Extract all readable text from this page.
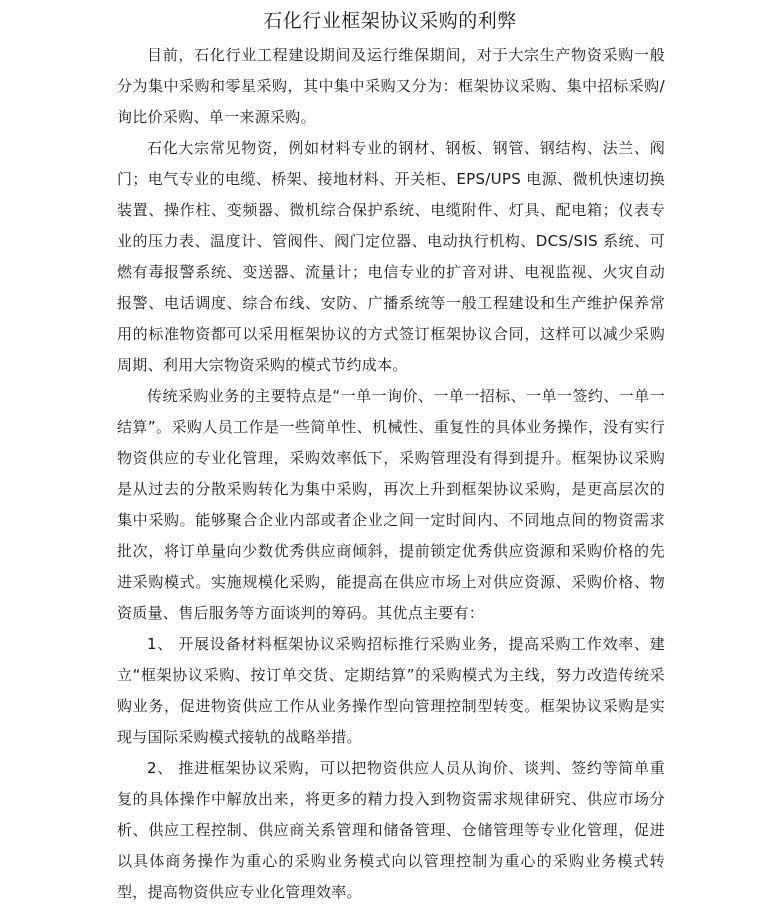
石化行业框架协议采购的利弊

目前，石化行业工程建设期间及运行维保期间，对于大宗生产物资采购一般分为集中采购和零星采购，其中集中采购又分为：框架协议采购、集中招标采购/询比价采购、单一来源采购。

石化大宗常见物资，例如材料专业的钢材、钢板、钢管、钢结构、法兰、阀门；电气专业的电缆、桥架、接地材料、开关柜、EPS/UPS 电源、微机快速切换装置、操作柱、变频器、微机综合保护系统、电缆附件、灯具、配电箱；仪表专业的压力表、温度计、管阀件、阀门定位器、电动执行机构、DCS/SIS 系统、可燃有毒报警系统、变送器、流量计；电信专业的扩音对讲、电视监视、火灾自动报警、电话调度、综合布线、安防、广播系统等一般工程建设和生产维护保养常用的标准物资都可以采用框架协议的方式签订框架协议合同，这样可以减少采购周期、利用大宗物资采购的模式节约成本。

传统采购业务的主要特点是“一单一询价、一单一招标、一单一签约、一单一结算”。采购人员工作是一些简单性、机械性、重复性的具体业务操作，没有实行物资供应的专业化管理，采购效率低下，采购管理没有得到提升。框架协议采购是从过去的分散采购转化为集中采购，再次上升到框架协议采购，是更高层次的集中采购。能够聚合企业内部或者企业之间一定时间内、不同地点间的物资需求批次，将订单量向少数优秀供应商倾斜，提前锁定优秀供应资源和采购价格的先进采购模式。实施规模化采购，能提高在供应市场上对供应资源、采购价格、物资质量、售后服务等方面谈判的筹码。其优点主要有：

1、 开展设备材料框架协议采购招标推行采购业务，提高采购工作效率、建立“框架协议采购、按订单交货、定期结算”的采购模式为主线，努力改造传统采购业务，促进物资供应工作从业务操作型向管理控制型转变。框架协议采购是实现与国际采购模式接轨的战略举措。

2、 推进框架协议采购，可以把物资供应人员从询价、谈判、签约等简单重复的具体操作中解放出来，将更多的精力投入到物资需求规律研究、供应市场分析、供应工程控制、供应商关系管理和储备管理、仓储管理等专业化管理，促进以具体商务操作为重心的采购业务模式向以管理控制为重心的采购业务模式转型，提高物资供应专业化管理效率。
